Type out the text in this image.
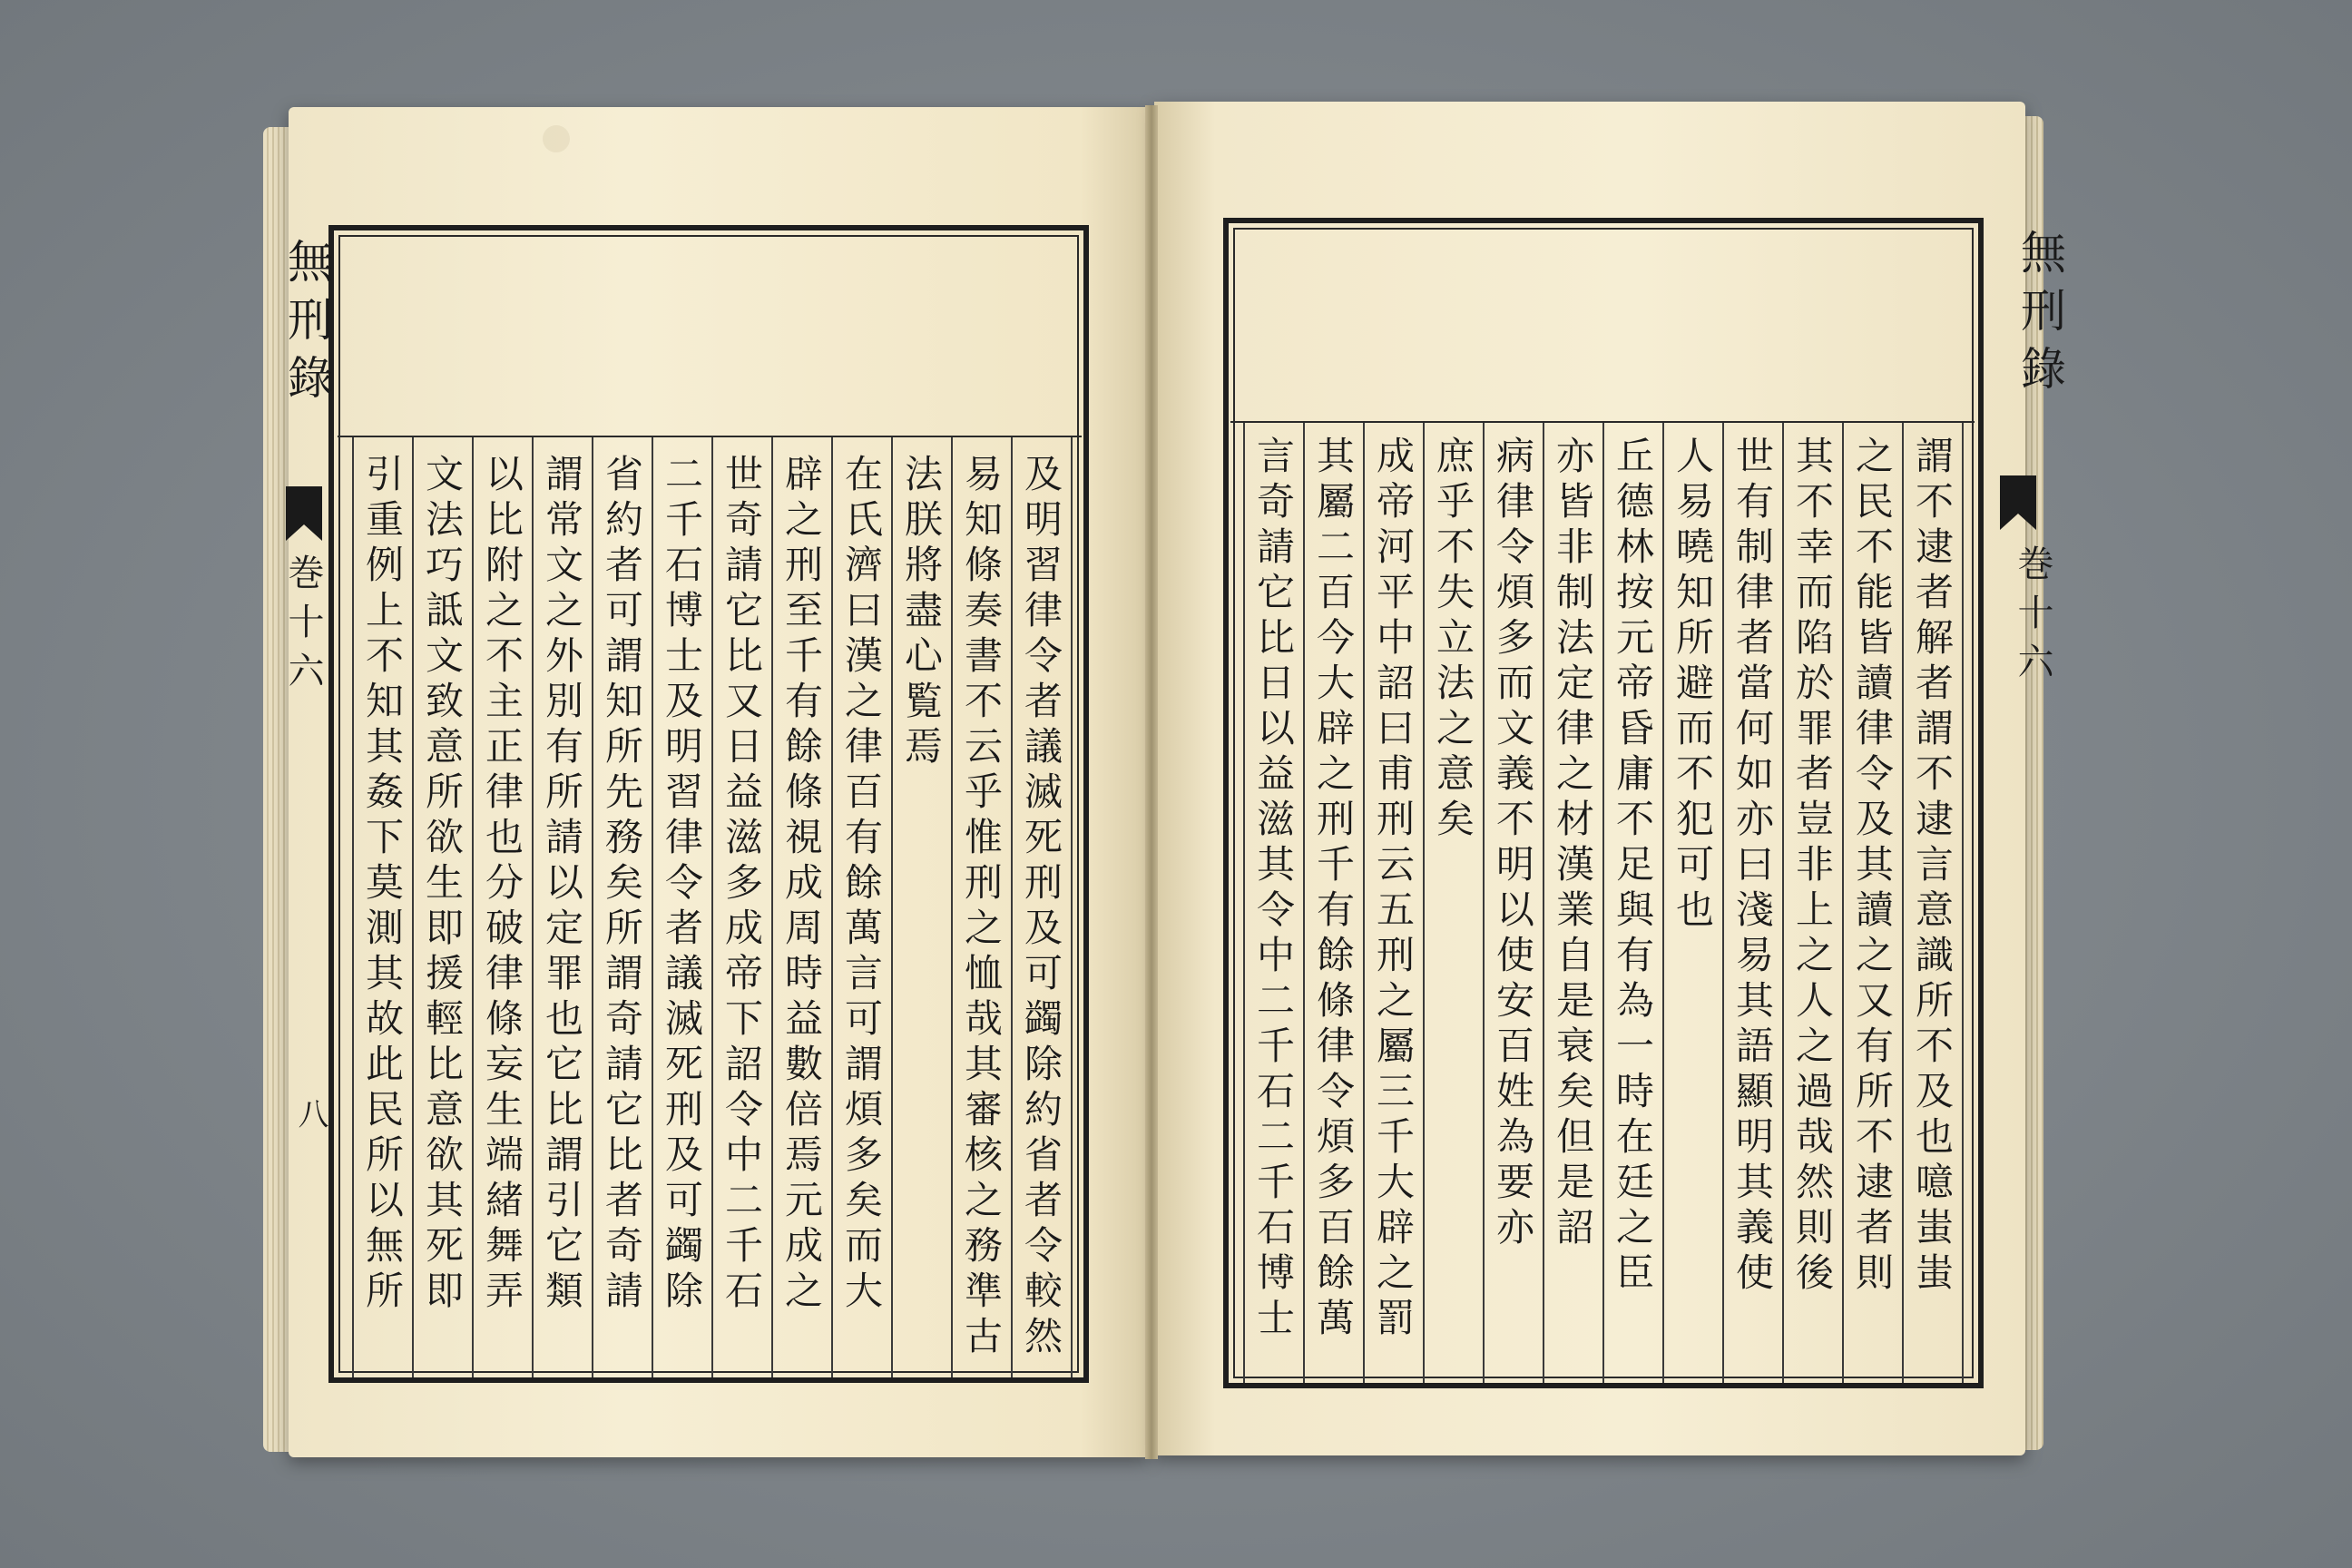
無刑錄
巻十六
八	及明習律令者議滅死刑及可蠲除約省者令較然
易知條奏書不云乎惟刑之恤哉其審核之務準古
法朕將盡心覧焉
在氏濟曰漢之律百有餘萬言可謂煩多矣而大
辟之刑至千有餘條視成周時益數倍焉元成之
世奇請它比又日益滋多成帝下詔令中二千石
二千石博士及明習律令者議滅死刑及可蠲除
省約者可謂知所先務矣所謂奇請它比者奇請
謂常文之外別有所請以定罪也它比謂引它類
以比附之不主正律也分破律條妄生端緒舞弄
文法巧詆文致意所欲生即援輕比意欲其死即
引重例上不知其姦下莫測其故此民所以無所
無刑錄
巻十六
謂不逮者解者謂不逮言意識所不及也噫蚩蚩
之民不能皆讀律令及其讀之又有所不逮者則
其不幸而陷於罪者豈非上之人之過哉然則後
世有制律者當何如亦曰淺易其語顯明其義使
人易曉知所避而不犯可也
丘德林按元帝昏庸不足與有為一時在廷之臣
亦皆非制法定律之材漢業自是衰矣但是詔
病律令煩多而文義不明以使安百姓為要亦
庶乎不失立法之意矣
成帝河平中詔曰甫刑云五刑之屬三千大辟之罰
其屬二百今大辟之刑千有餘條律令煩多百餘萬
言奇請它比日以益滋其令中二千石二千石博士
